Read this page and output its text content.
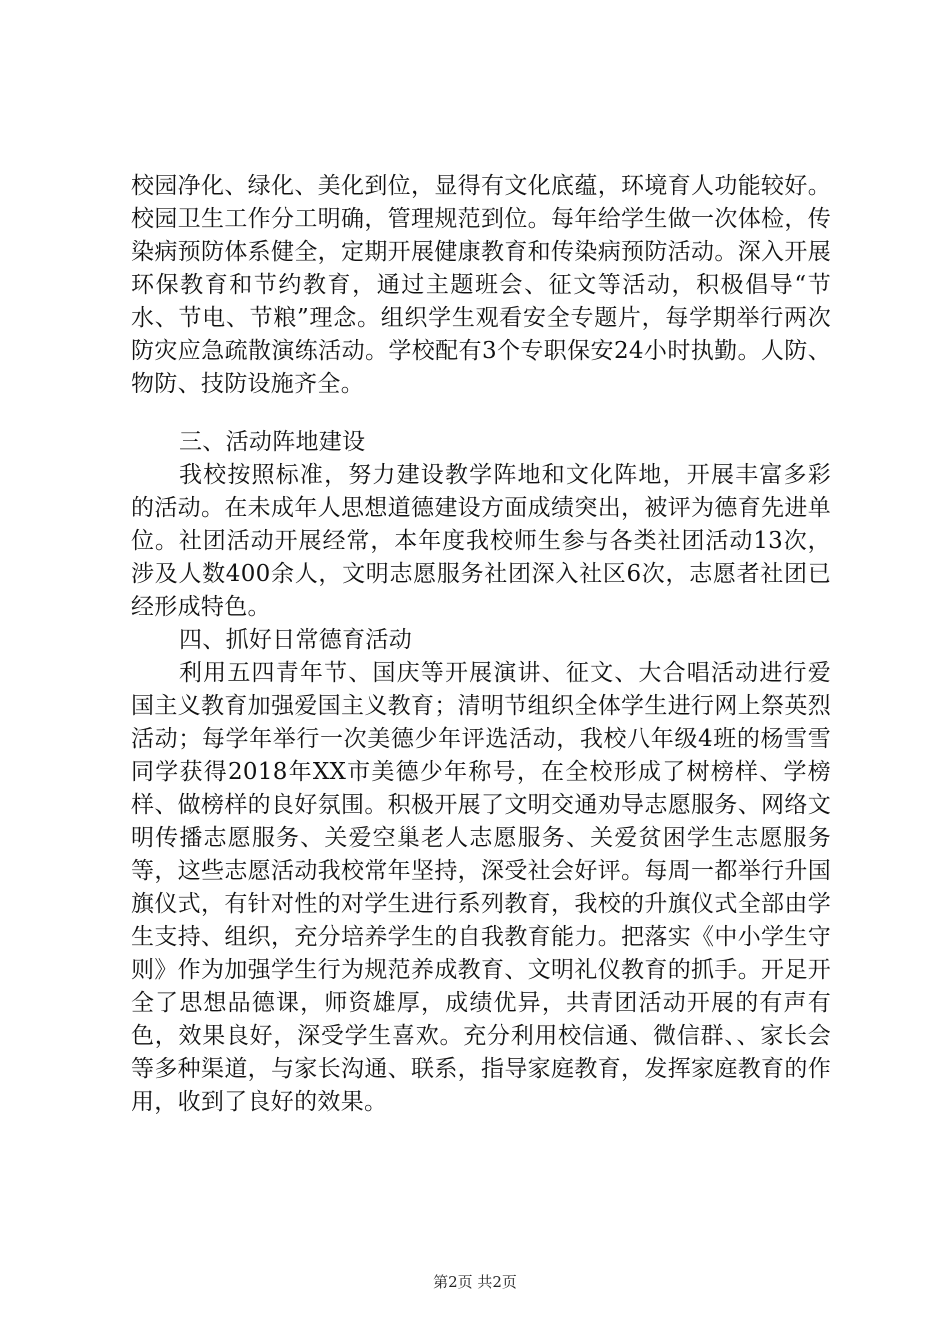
校园净化、绿化、美化到位，显得有文化底蕴，环境育人功能较好。校园卫生工作分工明确，管理规范到位。每年给学生做一次体检，传染病预防体系健全，定期开展健康教育和传染病预防活动。深入开展环保教育和节约教育，通过主题班会、征文等活动，积极倡导“节水、节电、节粮”理念。组织学生观看安全专题片，每学期举行两次防灾应急疏散演练活动。学校配有3个专职保安24小时执勤。人防、物防、技防设施齐全。

三、活动阵地建设

我校按照标准，努力建设教学阵地和文化阵地，开展丰富多彩的活动。在未成年人思想道德建设方面成绩突出，被评为德育先进单位。社团活动开展经常，本年度我校师生参与各类社团活动13次，涉及人数400余人，文明志愿服务社团深入社区6次，志愿者社团已经形成特色。

四、抓好日常德育活动

利用五四青年节、国庆等开展演讲、征文、大合唱活动进行爱国主义教育加强爱国主义教育；清明节组织全体学生进行网上祭英烈活动；每学年举行一次美德少年评选活动，我校八年级4班的杨雪雪同学获得2018年XX市美德少年称号，在全校形成了树榜样、学榜样、做榜样的良好氛围。积极开展了文明交通劝导志愿服务、网络文明传播志愿服务、关爱空巢老人志愿服务、关爱贫困学生志愿服务等，这些志愿活动我校常年坚持，深受社会好评。每周一都举行升国旗仪式，有针对性的对学生进行系列教育，我校的升旗仪式全部由学生支持、组织，充分培养学生的自我教育能力。把落实《中小学生守则》作为加强学生行为规范养成教育、文明礼仪教育的抓手。开足开全了思想品德课，师资雄厚，成绩优异，共青团活动开展的有声有色，效果良好，深受学生喜欢。充分利用校信通、微信群、、家长会等多种渠道，与家长沟通、联系，指导家庭教育，发挥家庭教育的作用，收到了良好的效果。

第2页 共2页
